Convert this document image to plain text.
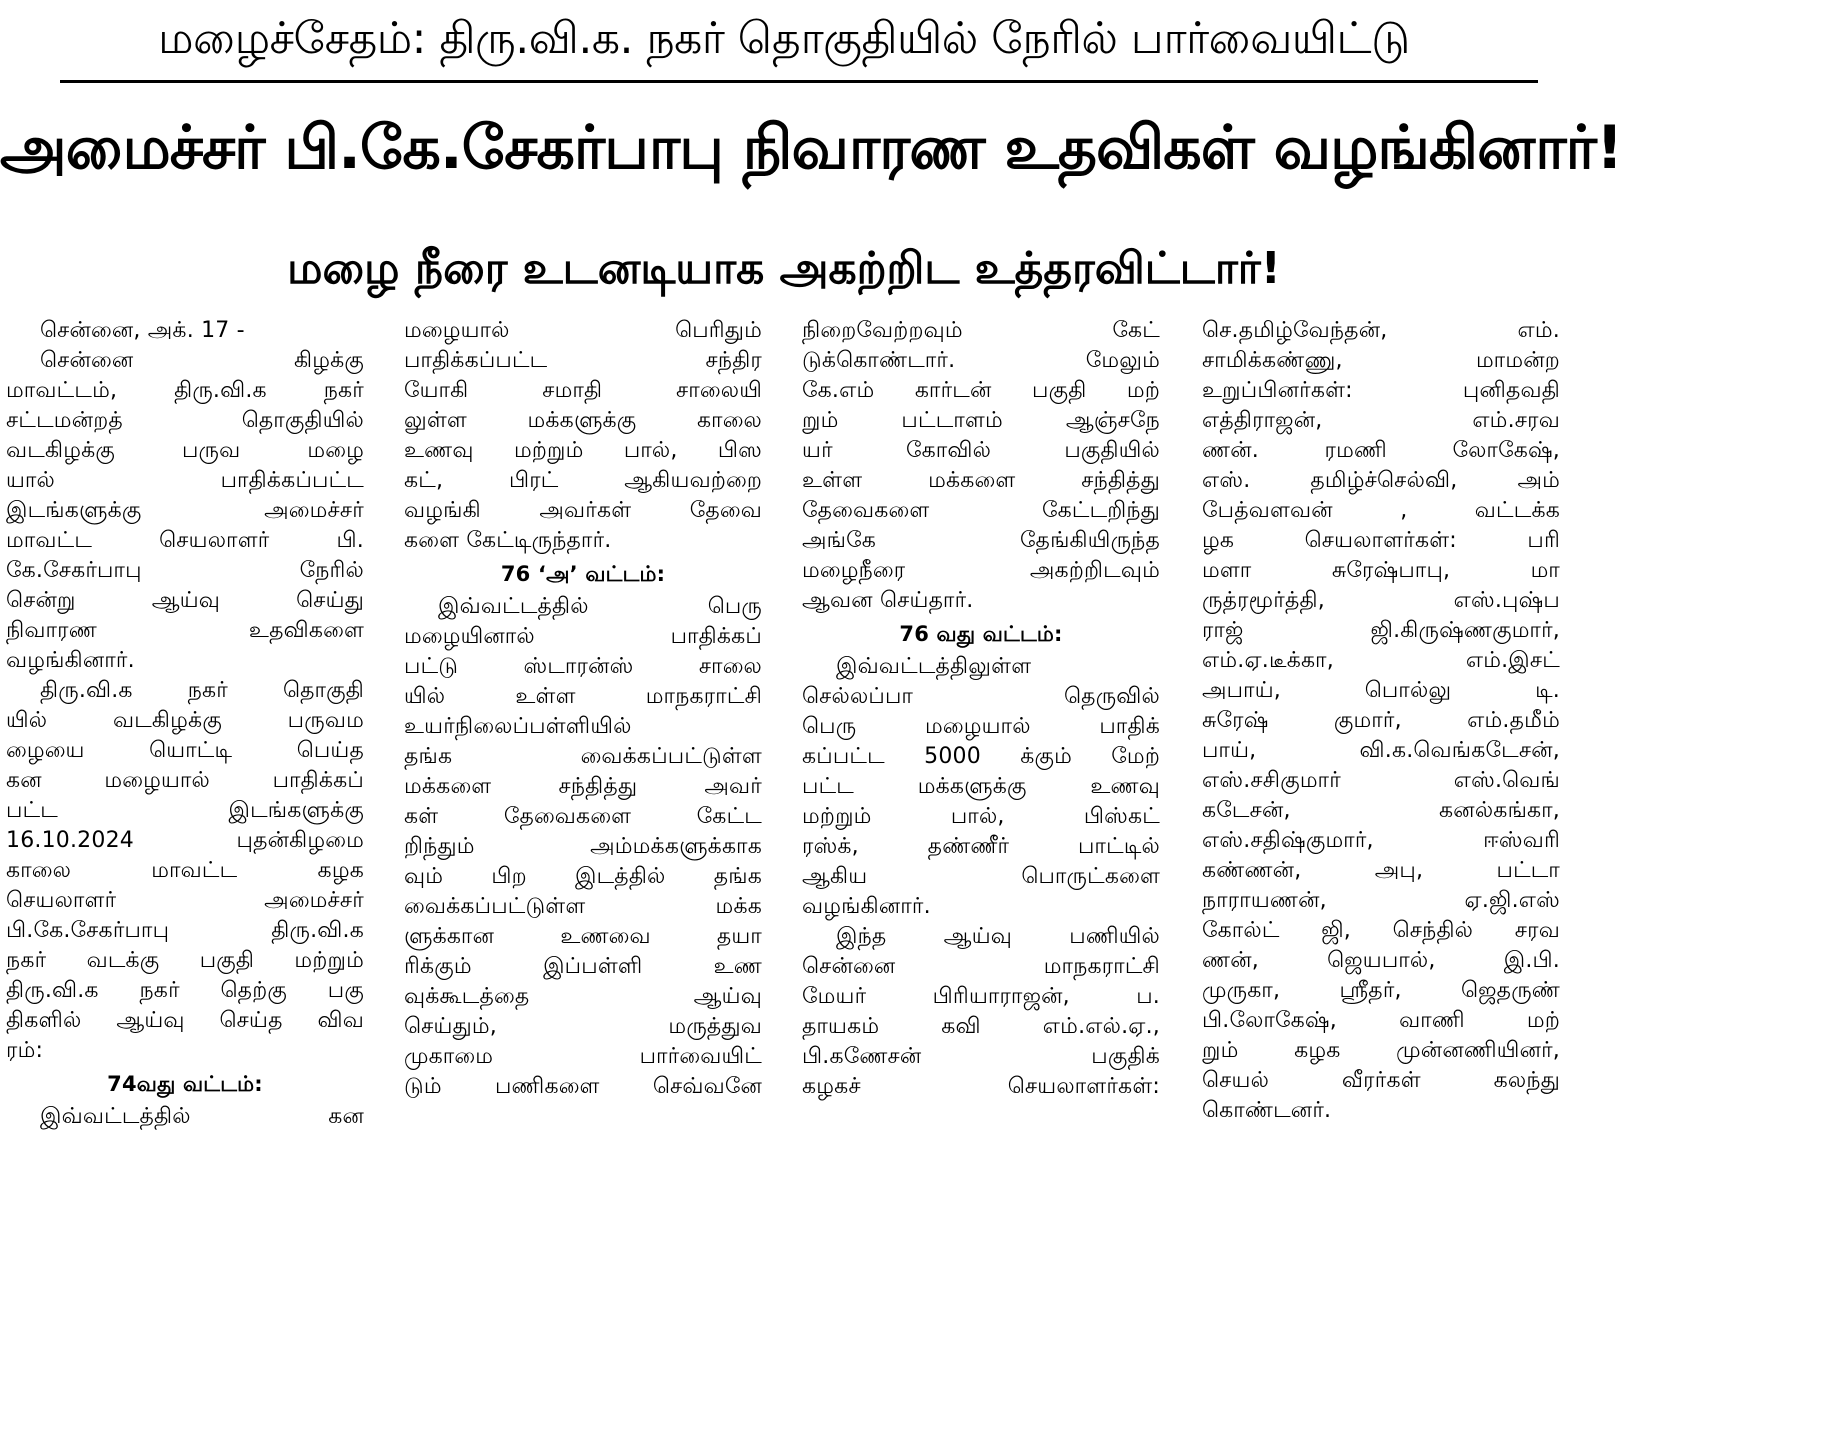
மழைச்சேதம்: திரு.வி.க. நகர் தொகுதியில் நேரில் பார்வையிட்டு
அமைச்சர் பி.கே.சேகர்பாபு நிவாரண உதவிகள் வழங்கினார்!
மழை நீரை உடனடியாக அகற்றிட உத்தரவிட்டார்!
சென்னை, அக். 17 -
சென்னை கிழக்கு
மாவட்டம், திரு.வி.க நகர்
சட்டமன்றத் தொகுதியில்
வடகிழக்கு பருவ மழை
யால் பாதிக்கப்பட்ட
இடங்களுக்கு அமைச்சர்
மாவட்ட செயலாளர் பி.
கே.சேகர்பாபு நேரில்
சென்று ஆய்வு செய்து
நிவாரண உதவிகளை
வழங்கினார்.
திரு.வி.க நகர் தொகுதி
யில் வடகிழக்கு பருவம
ழையை யொட்டி பெய்த
கன மழையால் பாதிக்கப்
பட்ட இடங்களுக்கு
16.10.2024 புதன்கிழமை
காலை மாவட்ட கழக
செயலாளர் அமைச்சர்
பி.கே.சேகர்பாபு திரு.வி.க
நகர் வடக்கு பகுதி மற்றும்
திரு.வி.க நகர் தெற்கு பகு
திகளில் ஆய்வு செய்த விவ
ரம்:
74வது வட்டம்:
இவ்வட்டத்தில் கன
மழையால் பெரிதும்
பாதிக்கப்பட்ட சந்திர
யோகி சமாதி சாலையி
லுள்ள மக்களுக்கு காலை
உணவு மற்றும் பால், பிஸ
கட், பிரட் ஆகியவற்றை
வழங்கி அவர்கள் தேவை
களை கேட்டிருந்தார்.
76 ‘அ’ வட்டம்:
இவ்வட்டத்தில் பெரு
மழையினால் பாதிக்கப்
பட்டு ஸ்டாரன்ஸ் சாலை
யில் உள்ள மாநகராட்சி
உயர்நிலைப்பள்ளியில்
தங்க வைக்கப்பட்டுள்ள
மக்களை சந்தித்து அவர்
கள் தேவைகளை கேட்ட
றிந்தும் அம்மக்களுக்காக
வும் பிற இடத்தில் தங்க
வைக்கப்பட்டுள்ள மக்க
ளுக்கான உணவை தயா
ரிக்கும் இப்பள்ளி உண
வுக்கூடத்தை ஆய்வு
செய்தும், மருத்துவ
முகாமை பார்வையிட்
டும் பணிகளை செவ்வனே
நிறைவேற்றவும் கேட்
டுக்கொண்டார். மேலும்
கே.எம் கார்டன் பகுதி மற்
றும் பட்டாளம் ஆஞ்சநே
யர் கோவில் பகுதியில்
உள்ள மக்களை சந்தித்து
தேவைகளை கேட்டறிந்து
அங்கே தேங்கியிருந்த
மழைநீரை அகற்றிடவும்
ஆவன செய்தார்.
76 வது வட்டம்:
இவ்வட்டத்திலுள்ள
செல்லப்பா தெருவில்
பெரு மழையால் பாதிக்
கப்பட்ட 5000 க்கும் மேற்
பட்ட மக்களுக்கு உணவு
மற்றும் பால், பிஸ்கட்
ரஸ்க், தண்ணீர் பாட்டில்
ஆகிய பொருட்களை
வழங்கினார்.
இந்த ஆய்வு பணியில்
சென்னை மாநகராட்சி
மேயர் பிரியாராஜன், ப.
தாயகம் கவி எம்.எல்.ஏ.,
பி.கணேசன் பகுதிக்
கழகச் செயலாளர்கள்:
செ.தமிழ்வேந்தன், எம்.
சாமிக்கண்ணு, மாமன்ற
உறுப்பினர்கள்: புனிதவதி
எத்திராஜன், எம்.சரவ
ணன். ரமணி லோகேஷ்,
எஸ். தமிழ்ச்செல்வி, அம்
பேத்வளவன் , வட்டக்க
ழக செயலாளர்கள்: பரி
மளா சுரேஷ்பாபு, மா
ருத்ரமூர்த்தி, எஸ்.புஷ்ப
ராஜ் ஜி.கிருஷ்ணகுமார்,
எம்.ஏ.டீக்கா, எம்.இசட்
அபாய், பொல்லு டி.
சுரேஷ் குமார், எம்.தமீம்
பாய், வி.க.வெங்கடேசன்,
எஸ்.சசிகுமார் எஸ்.வெங்
கடேசன், கனல்கங்கா,
எஸ்.சதிஷ்குமார், ஈஸ்வரி
கண்ணன், அபு, பட்டா
நாராயணன், ஏ.ஜி.எஸ்
கோல்ட் ஜி, செந்தில் சரவ
ணன், ஜெயபால், இ.பி.
முருகா, ஸ்ரீதர், ஜெதருண்
பி.லோகேஷ், வாணி மற்
றும் கழக முன்னணியினர்,
செயல் வீரர்கள் கலந்து
கொண்டனர்.
